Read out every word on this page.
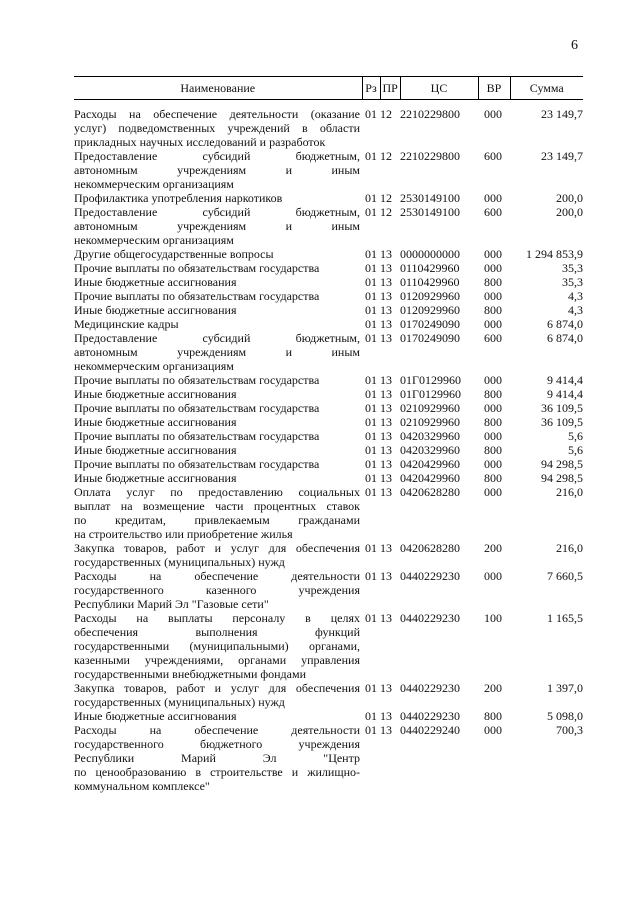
6
Наименование	Рз	ПР	ЦС	ВР	Сумма

Расходы на обеспечение деятельности (оказание
услуг) подведомственных учреждений в области
прикладных научных исследований и разработок	01	12	2210229800	000	23 149,7

Предоставление субсидий бюджетным,
автономным учреждениям и иным
некоммерческим организациям	01	12	2210229800	600	23 149,7

Профилактика употребления наркотиков	01	12	2530149100	000	200,0

Предоставление субсидий бюджетным,
автономным учреждениям и иным
некоммерческим организациям	01	12	2530149100	600	200,0

Другие общегосударственные вопросы	01	13	0000000000	000	1 294 853,9

Прочие выплаты по обязательствам государства	01	13	0110429960	000	35,3

Иные бюджетные ассигнования	01	13	0110429960	800	35,3

Прочие выплаты по обязательствам государства	01	13	0120929960	000	4,3

Иные бюджетные ассигнования	01	13	0120929960	800	4,3

Медицинские кадры	01	13	0170249090	000	6 874,0

Предоставление субсидий бюджетным,
автономным учреждениям и иным
некоммерческим организациям	01	13	0170249090	600	6 874,0

Прочие выплаты по обязательствам государства	01	13	01Г0129960	000	9 414,4

Иные бюджетные ассигнования	01	13	01Г0129960	800	9 414,4

Прочие выплаты по обязательствам государства	01	13	0210929960	000	36 109,5

Иные бюджетные ассигнования	01	13	0210929960	800	36 109,5

Прочие выплаты по обязательствам государства	01	13	0420329960	000	5,6

Иные бюджетные ассигнования	01	13	0420329960	800	5,6

Прочие выплаты по обязательствам государства	01	13	0420429960	000	94 298,5

Иные бюджетные ассигнования	01	13	0420429960	800	94 298,5

Оплата услуг по предоставлению социальных
выплат на возмещение части процентных ставок
по кредитам, привлекаемым гражданами
на строительство или приобретение жилья	01	13	0420628280	000	216,0

Закупка товаров, работ и услуг для обеспечения
государственных (муниципальных) нужд	01	13	0420628280	200	216,0

Расходы на обеспечение деятельности
государственного казенного учреждения
Республики Марий Эл "Газовые сети"	01	13	0440229230	000	7 660,5

Расходы на выплаты персоналу в целях
обеспечения выполнения функций
государственными (муниципальными) органами,
казенными учреждениями, органами управления
государственными внебюджетными фондами	01	13	0440229230	100	1 165,5

Закупка товаров, работ и услуг для обеспечения
государственных (муниципальных) нужд	01	13	0440229230	200	1 397,0

Иные бюджетные ассигнования	01	13	0440229230	800	5 098,0

Расходы на обеспечение деятельности
государственного бюджетного учреждения
Республики Марий Эл "Центр
по ценообразованию в строительстве и жилищно-
коммунальном комплексе"	01	13	0440229240	000	700,3
